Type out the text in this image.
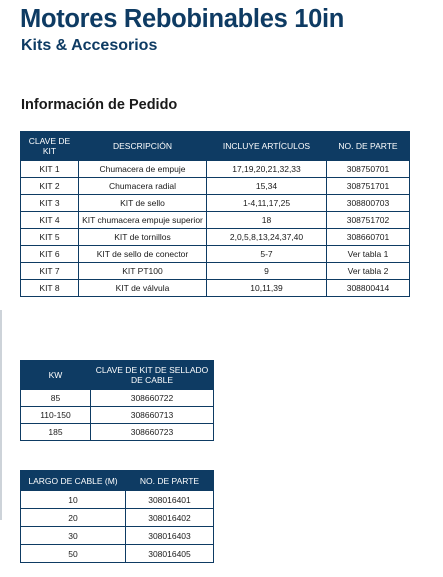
Motores Rebobinables 10in
Kits & Accesorios
Información de Pedido
CLAVE DE KIT	DESCRIPCIÓN	INCLUYE ARTÍCULOS	NO. DE PARTE
KIT 1	Chumacera de empuje	17,19,20,21,32,33	308750701
KIT 2	Chumacera radial	15,34	308751701
KIT 3	KIT de sello	1-4,11,17,25	308800703
KIT 4	KIT chumacera empuje superior	18	308751702
KIT 5	KIT de tornillos	2,0,5,8,13,24,37,40	308660701
KIT 6	KIT de sello de conector	5-7	Ver tabla 1
KIT 7	KIT PT100	9	Ver tabla 2
KIT 8	KIT de válvula	10,11,39	308800414
KW	CLAVE DE KIT DE SELLADO DE CABLE
85	308660722
110-150	308660713
185	308660723
LARGO DE CABLE (M)	NO. DE PARTE
10	308016401
20	308016402
30	308016403
50	308016405
